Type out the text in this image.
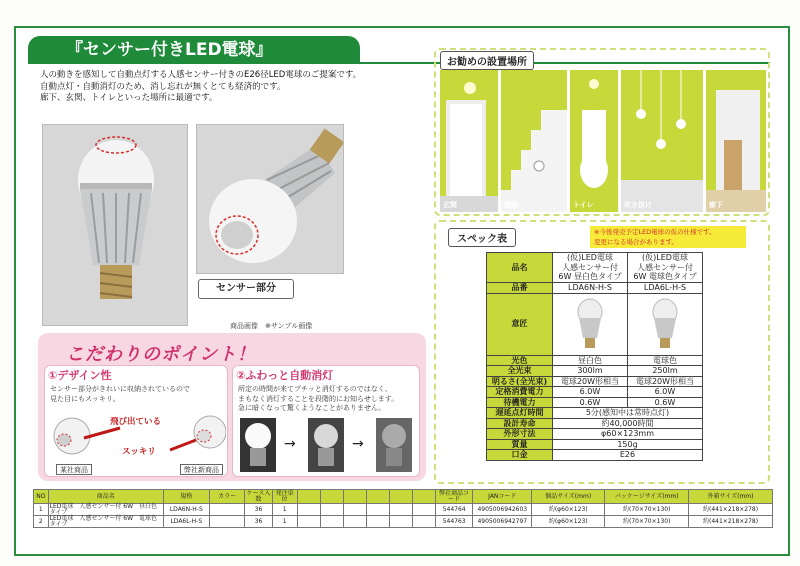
『センサー付きLED電球』
人の動きを感知して自動点灯する人感センサー付きのE26径LED電球のご提案です。
自動点灯・自動消灯のため、消し忘れが無くとても経済的です。
廊下、玄関、トイレといった場所に最適です。
センサー部分
商品画像　※サンプル画像
こだわりのポイント！
①デザイン性
センサー部分がきれいに収納されているので
見た目にもスッキリ。
飛び出ている
スッキリ
某社商品	弊社新商品
②ふわっと自動消灯
所定の時間が来てプチッと消灯するのではなく、
まもなく消灯することを段階的にお知らせします。
急に暗くなって驚くようなことがありません。
→	→
お勧めの設置場所
玄関	階段	トイレ	吹き抜け	廊下
スペック表
※今後発売予定LED電球の仮の仕様です。
変更になる場合があります。
品名	(仮)LED電球
人感センサー付
6W 昼白色タイプ	(仮)LED電球
人感センサー付
6W 電球色タイプ
品番	LDA6N-H-S	LDA6L-H-S
意匠		
光色	昼白色	電球色
全光束	300lm	250lm
明るさ(全光束)	電球20W形相当	電球20W形相当
定格消費電力	6.0W	6.0W
待機電力	0.6W	0.6W
遅延点灯時間	5分(感知中は常時点灯)	
設計寿命	約40,000時間	
外形寸法	φ60×123mm	
質量	150g	
口金	E26	
NO	商品名	規格	カラー	ケース入数	発注単位							弊社商品コード	JANコード	個品サイズ(mm)	パッケージサイズ(mm)	外箱サイズ(mm)
1	LED電球　人感センサー付 6W　昼白色タイプ	LDA6N-H-S		36	1							544764	4905006942603	約(φ60×123)	約(70×70×130)	約(441×218×278)
2	LED電球　人感センサー付 6W　電球色タイプ	LDA6L-H-S		36	1							544763	4905006942797	約(φ60×123)	約(70×70×130)	約(441×218×278)
